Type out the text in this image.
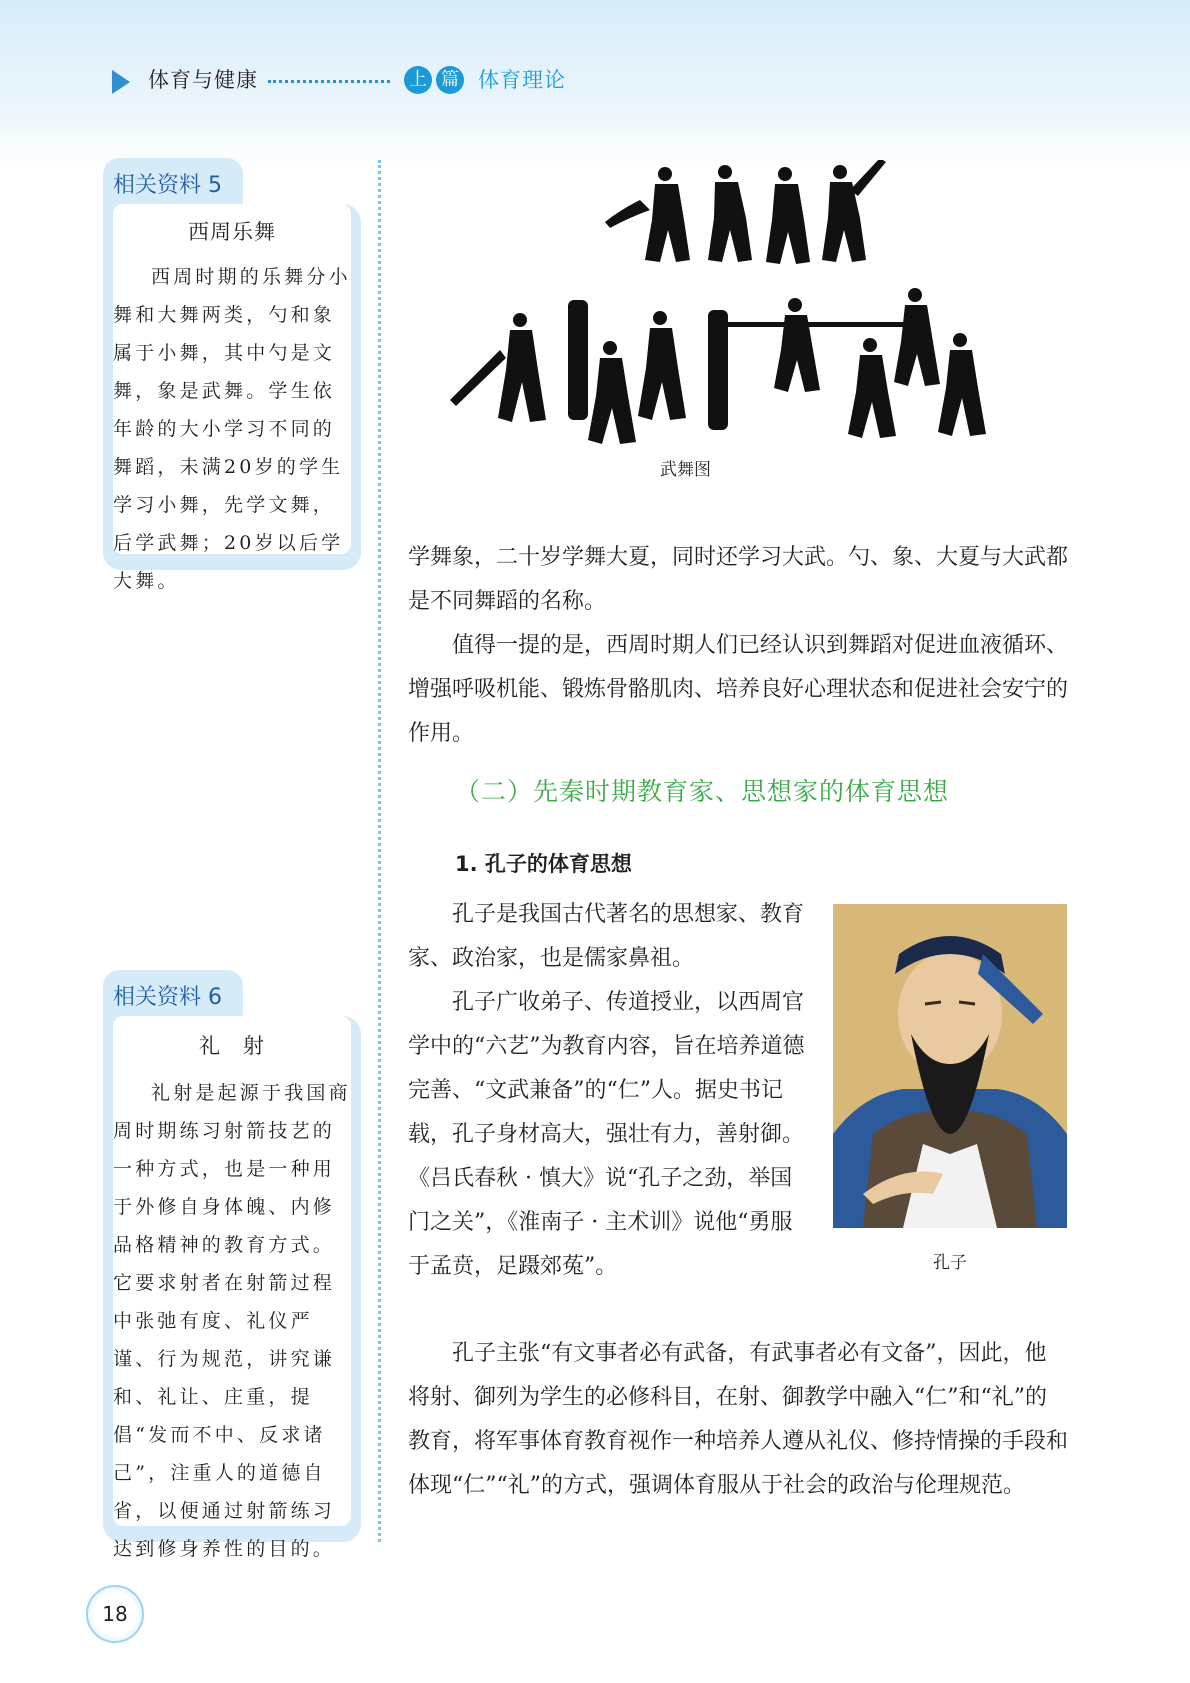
体育与健康	上 篇 体育理论
相关资料 5
西周乐舞

西周时期的乐舞分小舞和大舞两类，勺和象属于小舞，其中勺是文舞，象是武舞。学生依年龄的大小学习不同的舞蹈，未满20岁的学生学习小舞，先学文舞，后学武舞；20岁以后学大舞。

相关资料 6
礼　射

礼射是起源于我国商周时期练习射箭技艺的一种方式，也是一种用于外修自身体魄、内修品格精神的教育方式。它要求射者在射箭过程中张弛有度、礼仪严谨、行为规范，讲究谦和、礼让、庄重，提倡“发而不中、反求诸己”，注重人的道德自省，以便通过射箭练习达到修身养性的目的。

武舞图

学舞象，二十岁学舞大夏，同时还学习大武。勺、象、大夏与大武都是不同舞蹈的名称。

值得一提的是，西周时期人们已经认识到舞蹈对促进血液循环、增强呼吸机能、锻炼骨骼肌肉、培养良好心理状态和促进社会安宁的作用。

（二）先秦时期教育家、思想家的体育思想
1. 孔子的体育思想

孔子是我国古代著名的思想家、教育家、政治家，也是儒家鼻祖。

孔子广收弟子、传道授业，以西周官学中的“六艺”为教育内容，旨在培养道德完善、“文武兼备”的“仁”人。据史书记载，孔子身材高大，强壮有力，善射御。《吕氏春秋 · 慎大》说“孔子之劲，举国门之关”，《淮南子 · 主术训》说他“勇服于孟贲，足蹑郊菟”。	孔子

孔子主张“有文事者必有武备，有武事者必有文备”，因此，他将射、御列为学生的必修科目，在射、御教学中融入“仁”和“礼”的教育，将军事体育教育视作一种培养人遵从礼仪、修持情操的手段和体现“仁”“礼”的方式，强调体育服从于社会的政治与伦理规范。

18
